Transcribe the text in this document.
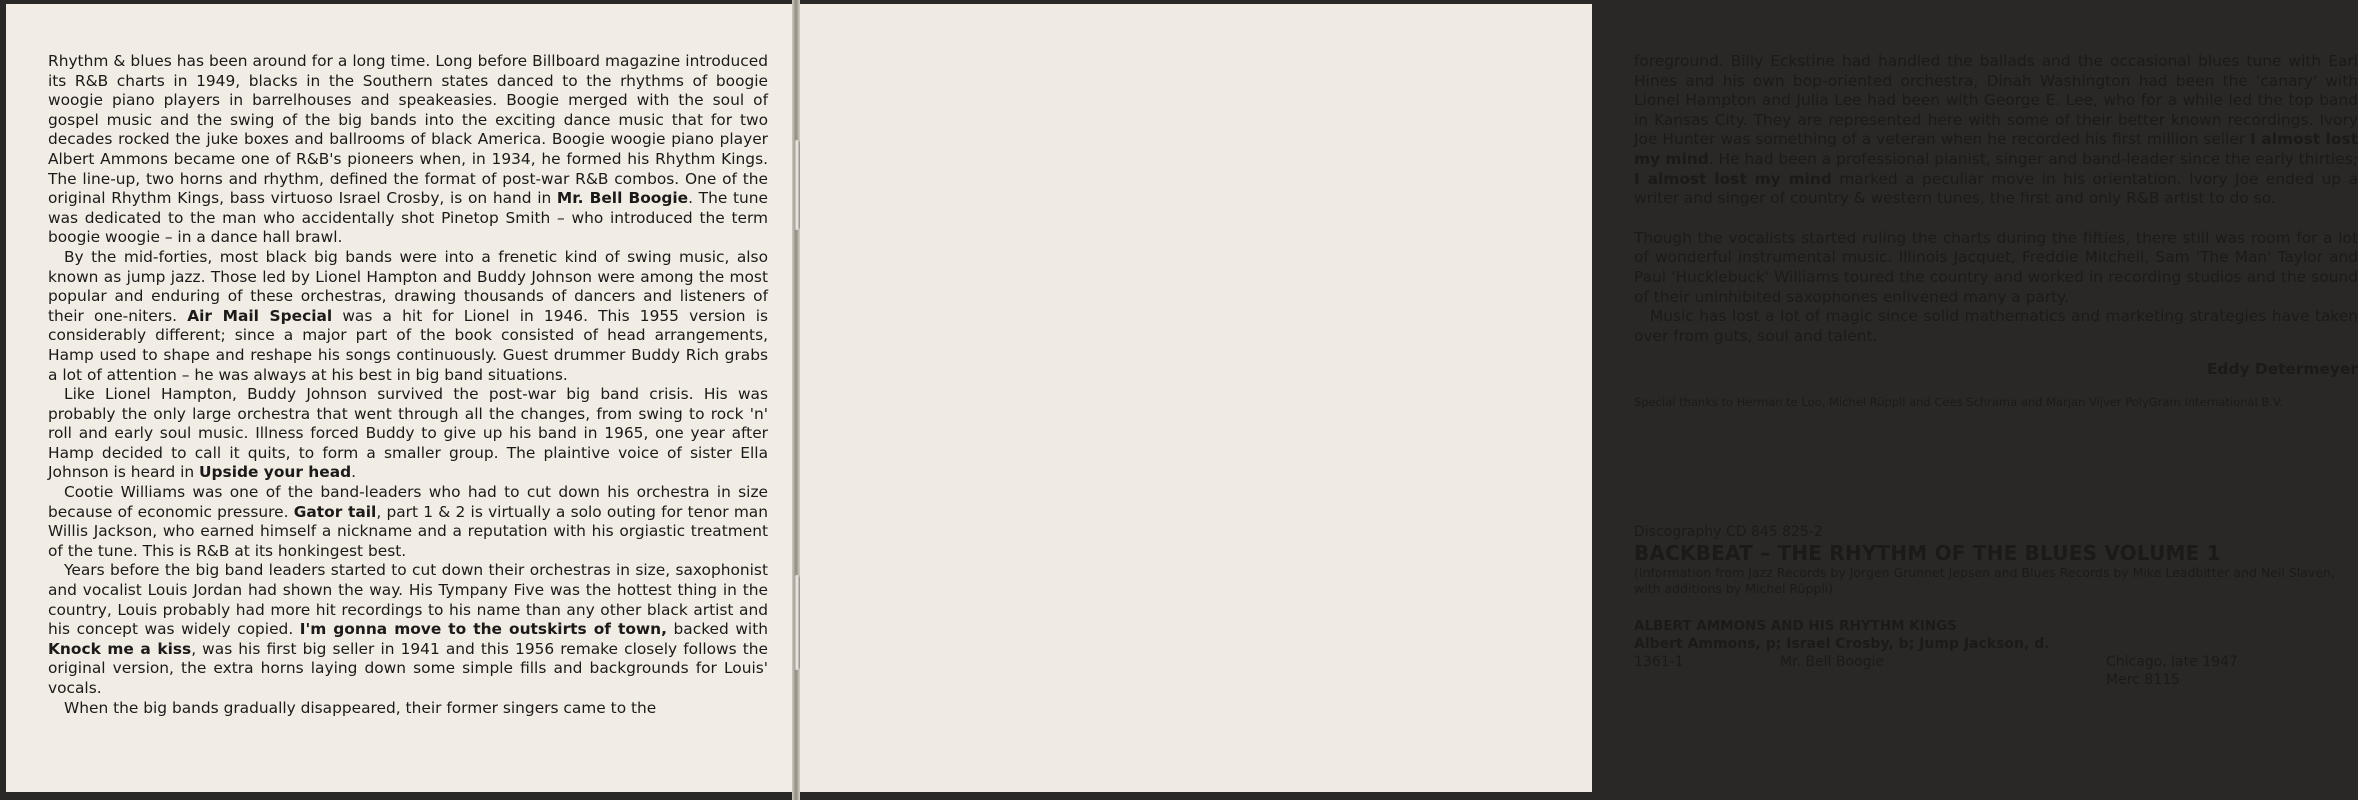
Rhythm & blues has been around for a long time. Long before Billboard magazine introduced its R&B charts in 1949, blacks in the Southern states danced to the rhythms of boogie woogie piano players in barrelhouses and speakeasies. Boogie merged with the soul of gospel music and the swing of the big bands into the exciting dance music that for two decades rocked the juke boxes and ballrooms of black America. Boogie woogie piano player Albert Ammons became one of R&B's pioneers when, in 1934, he formed his Rhythm Kings. The line-up, two horns and rhythm, defined the format of post-war R&B combos. One of the original Rhythm Kings, bass virtuoso Israel Crosby, is on hand in Mr. Bell Boogie. The tune was dedicated to the man who accidentally shot Pinetop Smith – who introduced the term boogie woogie – in a dance hall brawl.

By the mid-forties, most black big bands were into a frenetic kind of swing music, also known as jump jazz. Those led by Lionel Hampton and Buddy Johnson were among the most popular and enduring of these orchestras, drawing thousands of dancers and listeners of their one-niters. Air Mail Special was a hit for Lionel in 1946. This 1955 version is considerably different; since a major part of the book consisted of head arrangements, Hamp used to shape and reshape his songs continuously. Guest drummer Buddy Rich grabs a lot of attention – he was always at his best in big band situations.

Like Lionel Hampton, Buddy Johnson survived the post-war big band crisis. His was probably the only large orchestra that went through all the changes, from swing to rock 'n' roll and early soul music. Illness forced Buddy to give up his band in 1965, one year after Hamp decided to call it quits, to form a smaller group. The plaintive voice of sister Ella Johnson is heard in Upside your head.

Cootie Williams was one of the band-leaders who had to cut down his orchestra in size because of economic pressure. Gator tail, part 1 & 2 is virtually a solo outing for tenor man Willis Jackson, who earned himself a nickname and a reputation with his orgiastic treatment of the tune. This is R&B at its honkingest best.

Years before the big band leaders started to cut down their orchestras in size, saxophonist and vocalist Louis Jordan had shown the way. His Tympany Five was the hottest thing in the country, Louis probably had more hit recordings to his name than any other black artist and his concept was widely copied. I'm gonna move to the outskirts of town, backed with Knock me a kiss, was his first big seller in 1941 and this 1956 remake closely follows the original version, the extra horns laying down some simple fills and backgrounds for Louis' vocals.

When the big bands gradually disappeared, their former singers came to the

foreground. Billy Eckstine had handled the ballads and the occasional blues tune with Earl Hines and his own bop-oriented orchestra, Dinah Washington had been the 'canary' with Lionel Hampton and Julia Lee had been with George E. Lee, who for a while led the top band in Kansas City. They are represented here with some of their better known recordings. Ivory Joe Hunter was something of a veteran when he recorded his first million seller I almost lost my mind. He had been a professional pianist, singer and band-leader since the early thirties; I almost lost my mind marked a peculiar move in his orientation. Ivory Joe ended up a writer and singer of country & western tunes, the first and only R&B artist to do so.

Though the vocalists started ruling the charts during the fifties, there still was room for a lot of wonderful instrumental music. Illinois Jacquet, Freddie Mitchell, Sam 'The Man' Taylor and Paul 'Hucklebuck' Williams toured the country and worked in recording studios and the sound of their uninhibited saxophones enlivened many a party.

Music has lost a lot of magic since solid mathematics and marketing strategies have taken over from guts, soul and talent.

Eddy Determeyer
Special thanks to Herman te Loo, Michel Rüppli and Cees Schrama and Marjan Vijver PolyGram International B.V.
Discography CD 845 825-2
BACKBEAT – THE RHYTHM OF THE BLUES VOLUME 1
(Information from Jazz Records by Jorgen Grunnet Jepsen and Blues Records by Mike Leadbitter and Neil Slaven, with additions by Michel Rüppli)
ALBERT AMMONS AND HIS RHYTHM KINGS
Albert Ammons, p; Israel Crosby, b; Jump Jackson, d.
1361-1	Mr. Bell Boogie	Chicago, late 1947
Merc 8115
